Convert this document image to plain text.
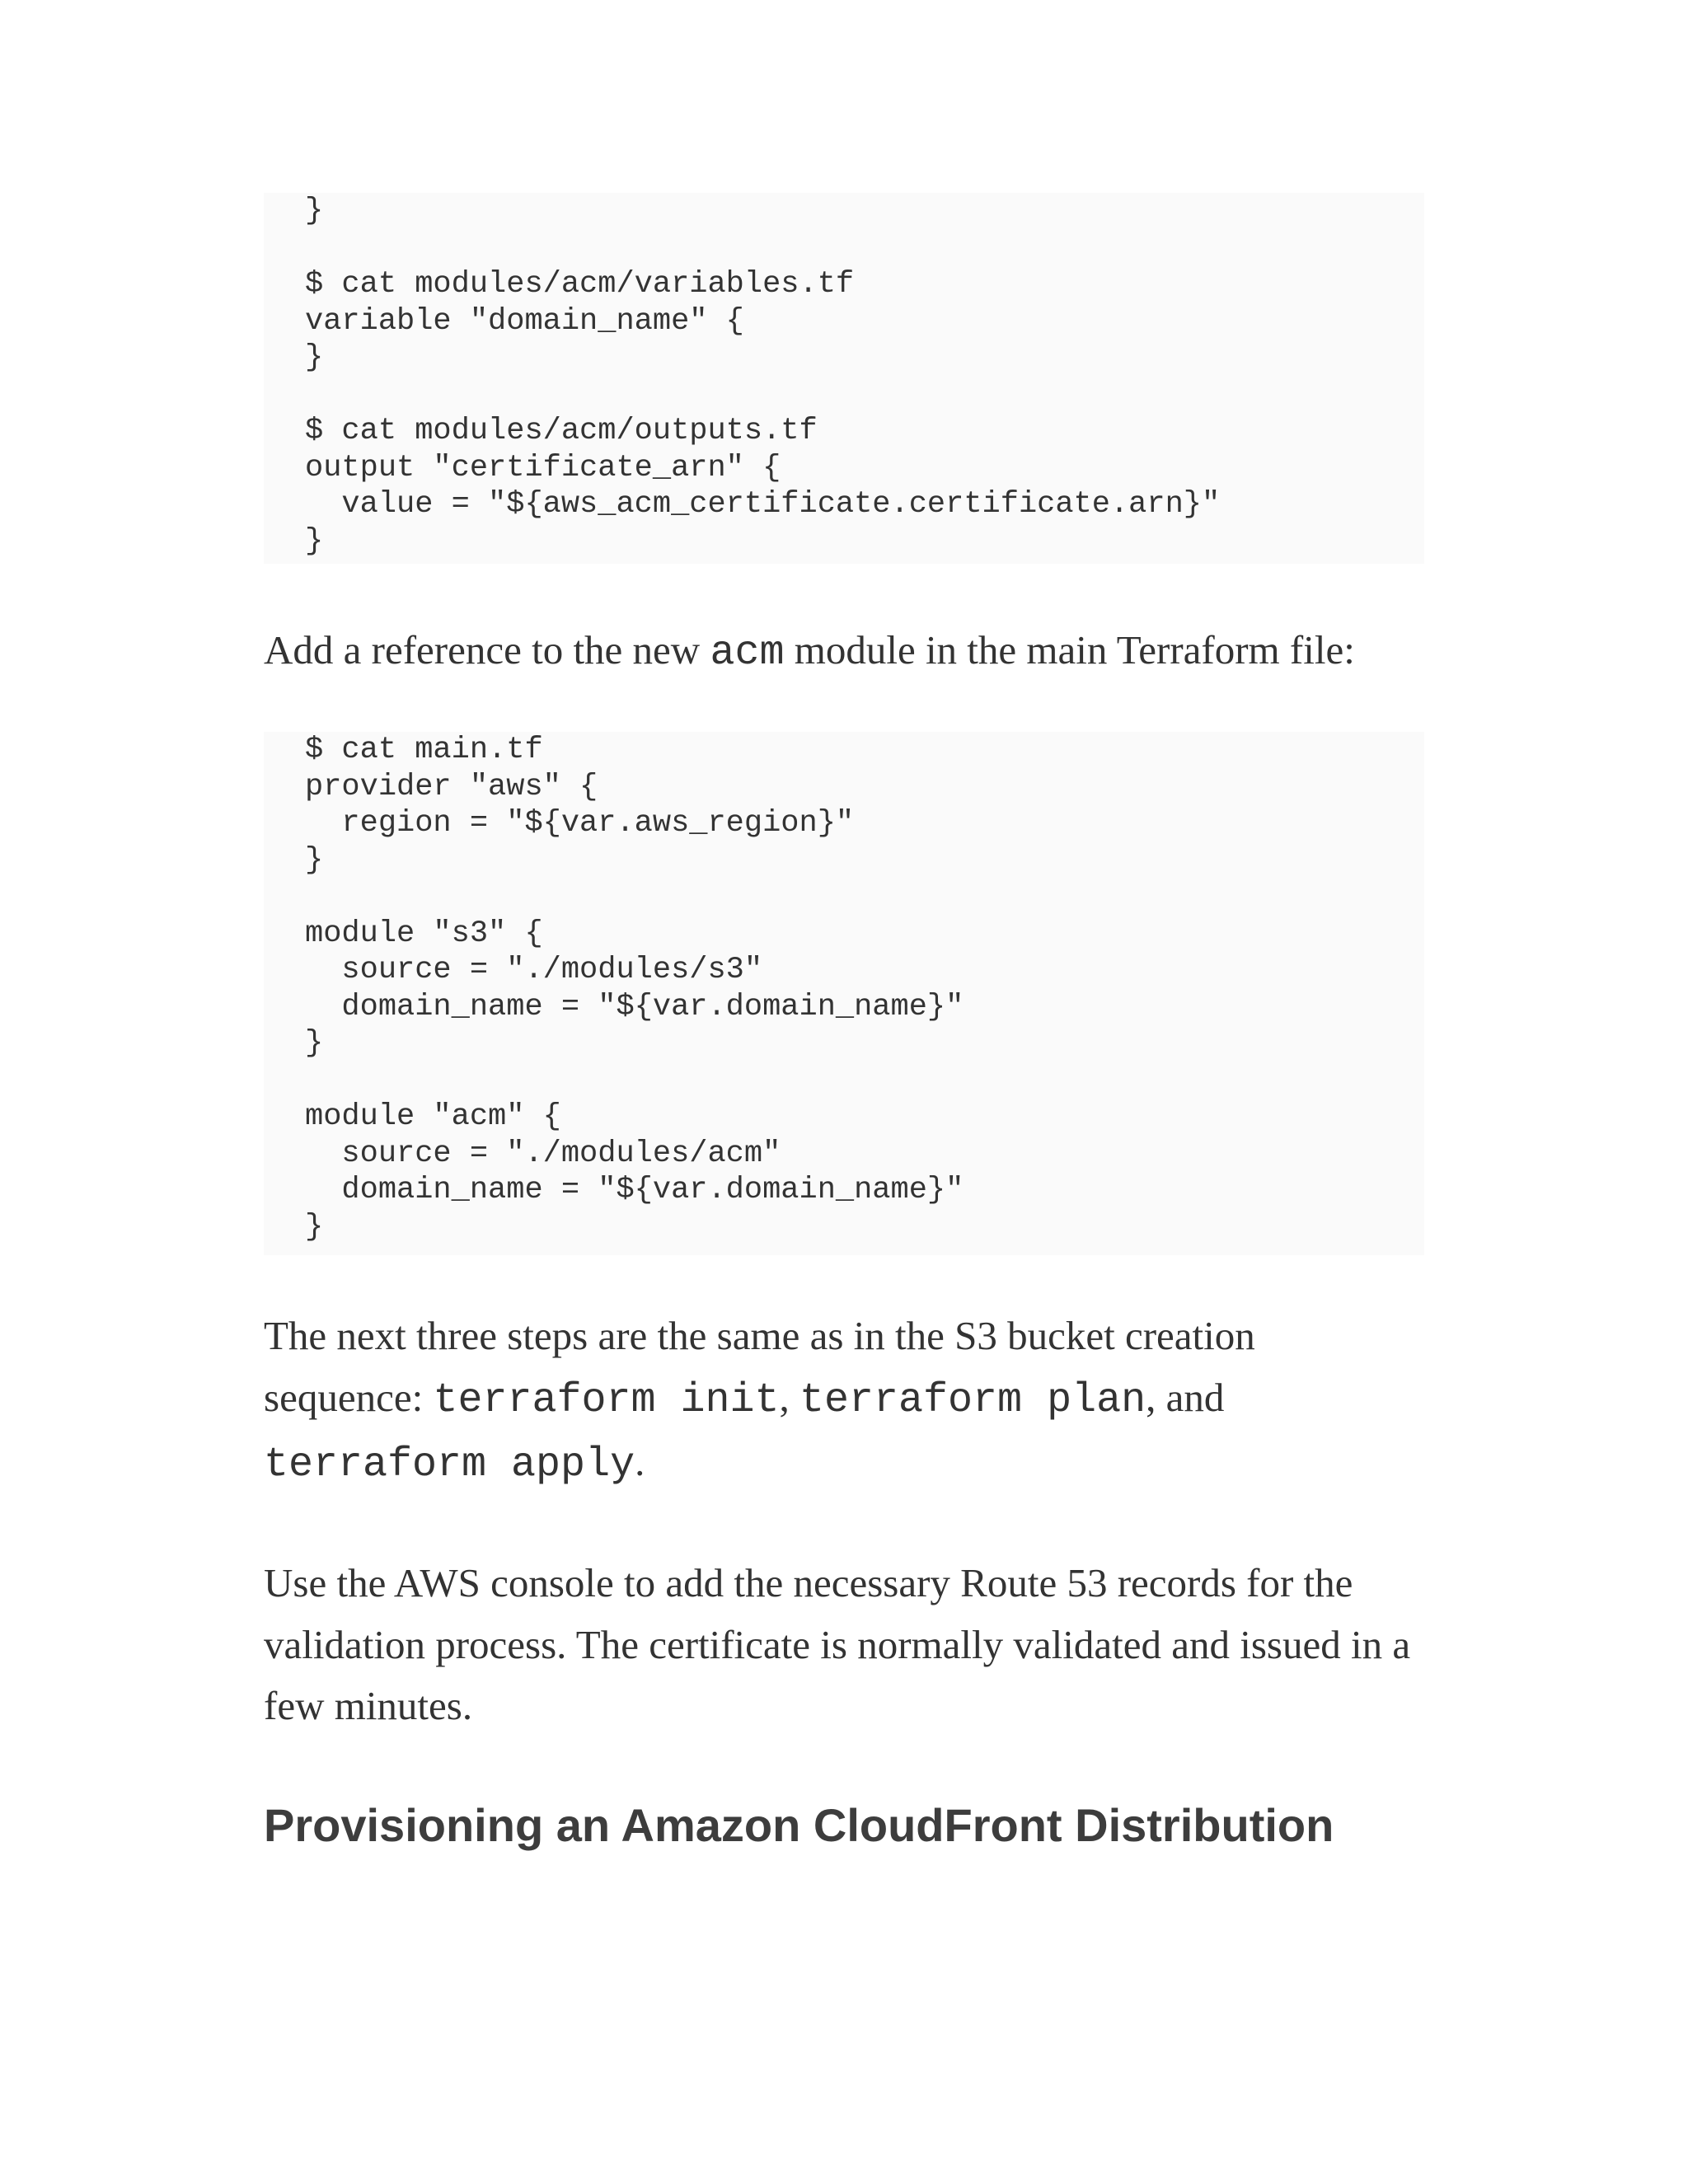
}
$ cat modules/acm/variables.tf
variable "domain_name" {
}
$ cat modules/acm/outputs.tf
output "certificate_arn" {
value = "${aws_acm_certificate.certificate.arn}"
}

Add a reference to the new acm module in the main Terraform file:

$ cat main.tf
provider "aws" {
region = "${var.aws_region}"
}
module "s3" {
source = "./modules/s3"
domain_name = "${var.domain_name}"
}
module "acm" {
source = "./modules/acm"
domain_name = "${var.domain_name}"
}

The next three steps are the same as in the S3 bucket creation sequence: terraform init, terraform plan, and terraform apply.

Use the AWS console to add the necessary Route 53 records for the validation process. The certificate is normally validated and issued in a few minutes.

Provisioning an Amazon CloudFront Distribution
